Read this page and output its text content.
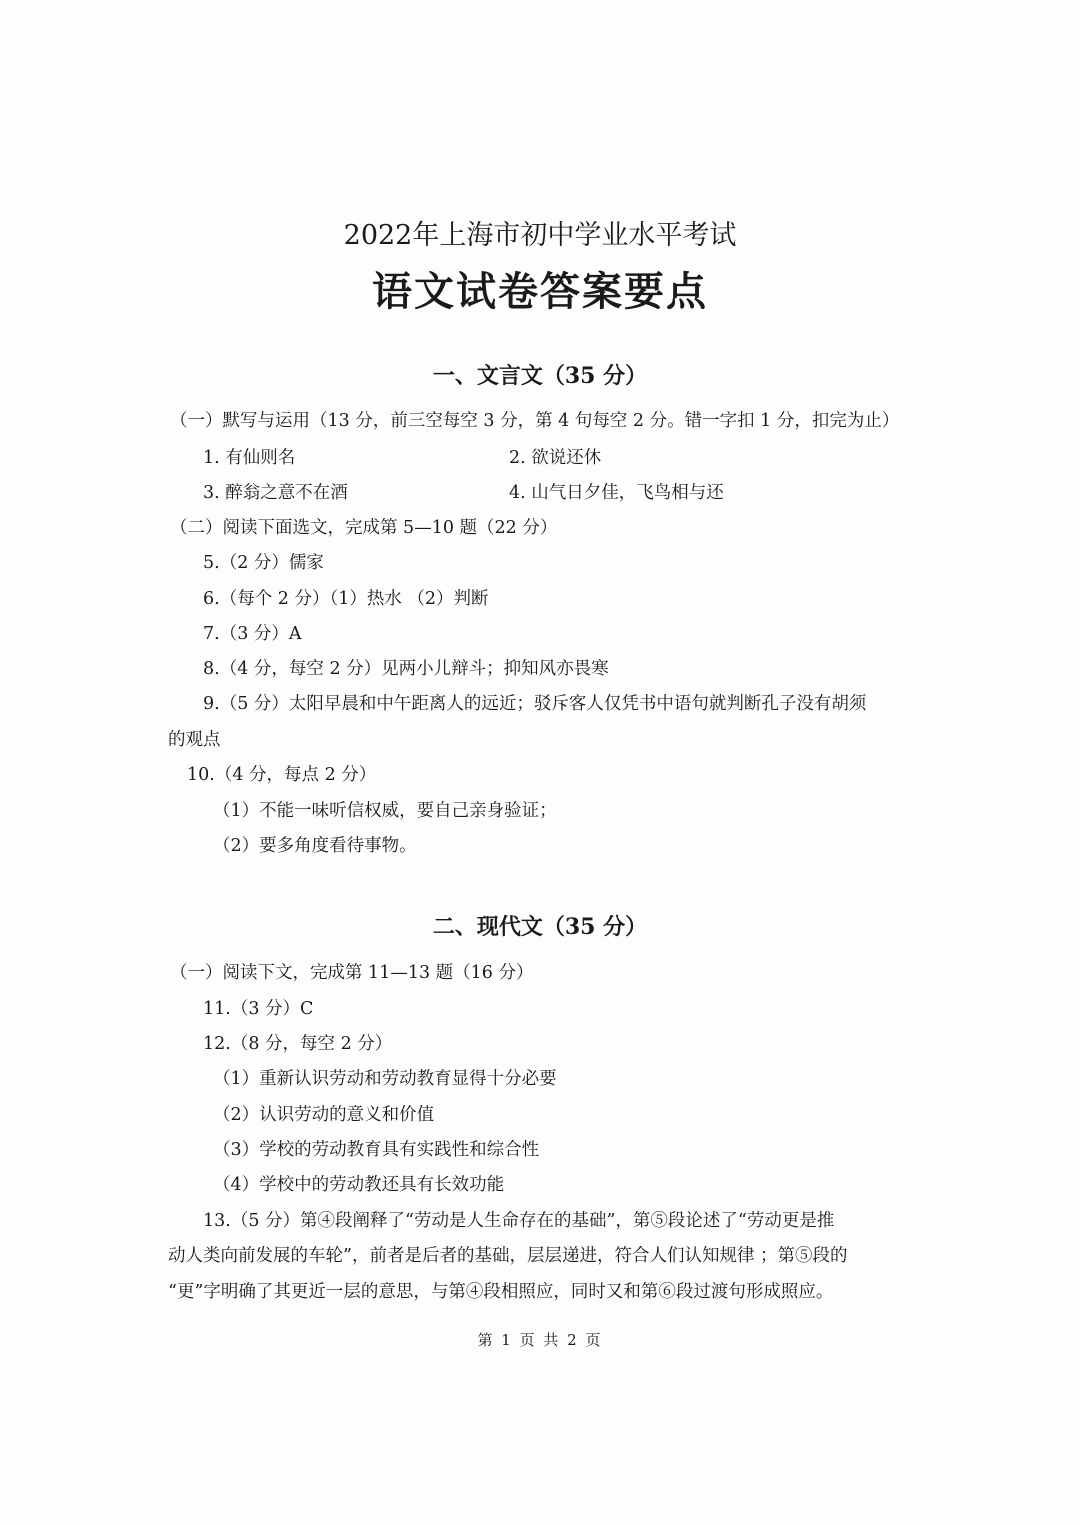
2022年上海市初中学业水平考试
语文试卷答案要点
一、文言文（35 分）
（一）默写与运用（13 分，前三空每空 3 分，第 4 句每空 2 分。错一字扣 1 分，扣完为止）
1. 有仙则名	2. 欲说还休
3. 醉翁之意不在酒	4. 山气日夕佳，飞鸟相与还
（二）阅读下面选文，完成第 5—10 题（22 分）
5.（2 分）儒家
6.（每个 2 分）（1）热水 （2）判断
7.（3 分）A
8.（4 分，每空 2 分）见两小儿辩斗；抑知风亦畏寒
9.（5 分）太阳早晨和中午距离人的远近；驳斥客人仅凭书中语句就判断孔子没有胡须
的观点
10.（4 分，每点 2 分）
（1）不能一味听信权威，要自己亲身验证；
（2）要多角度看待事物。
二、现代文（35 分）
（一）阅读下文，完成第 11—13 题（16 分）
11.（3 分）C
12.（8 分，每空 2 分）
（1）重新认识劳动和劳动教育显得十分必要
（2）认识劳动的意义和价值
（3）学校的劳动教育具有实践性和综合性
（4）学校中的劳动教还具有长效功能
13.（5 分）第④段阐释了“劳动是人生命存在的基础”，第⑤段论述了“劳动更是推
动人类向前发展的车轮”，前者是后者的基础，层层递进，符合人们认知规律 ；第⑤段的
“更”字明确了其更近一层的意思，与第④段相照应，同时又和第⑥段过渡句形成照应。
第 1 页 共 2 页
